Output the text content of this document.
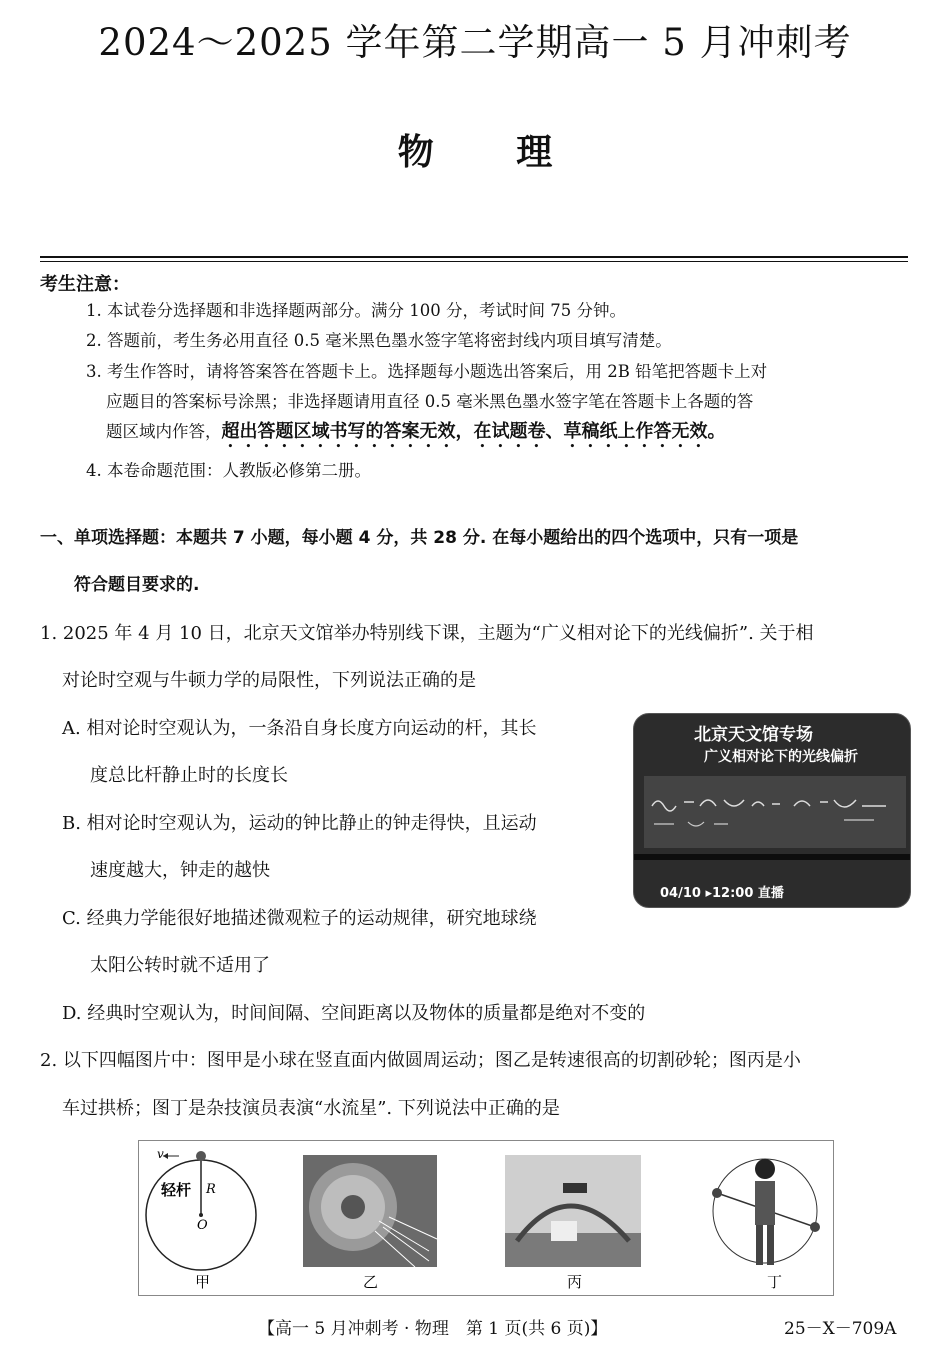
2024～2025 学年第二学期高一 5 月冲刺考
物 理
考生注意：
1. 本试卷分选择题和非选择题两部分。满分 100 分，考试时间 75 分钟。
2. 答题前，考生务必用直径 0.5 毫米黑色墨水签字笔将密封线内项目填写清楚。
3. 考生作答时，请将答案答在答题卡上。选择题每小题选出答案后，用 2B 铅笔把答题卡上对
应题目的答案标号涂黑；非选择题请用直径 0.5 毫米黑色墨水签字笔在答题卡上各题的答
题区域内作答，超出答题区域书写的答案无效，在试题卷、草稿纸上作答无效。
4. 本卷命题范围：人教版必修第二册。
一、单项选择题：本题共 7 小题，每小题 4 分，共 28 分. 在每小题给出的四个选项中，只有一项是
符合题目要求的.
1. 2025 年 4 月 10 日，北京天文馆举办特别线下课，主题为“广义相对论下的光线偏折”. 关于相
对论时空观与牛顿力学的局限性，下列说法正确的是
A. 相对论时空观认为，一条沿自身长度方向运动的杆，其长
度总比杆静止时的长度长
B. 相对论时空观认为，运动的钟比静止的钟走得快，且运动
速度越大，钟走的越快
C. 经典力学能很好地描述微观粒子的运动规律，研究地球绕
太阳公转时就不适用了
D. 经典时空观认为，时间间隔、空间距离以及物体的质量都是绝对不变的
北京天文馆专场
广义相对论下的光线偏折
04/10 ▸12:00 直播
2. 以下四幅图片中：图甲是小球在竖直面内做圆周运动；图乙是转速很高的切割砂轮；图丙是小
车过拱桥；图丁是杂技演员表演“水流星”. 下列说法中正确的是
v
轻杆 R
O
甲	乙	丙	丁
【高一 5 月冲刺考 · 物理　第 1 页(共 6 页)】	25－X－709A
